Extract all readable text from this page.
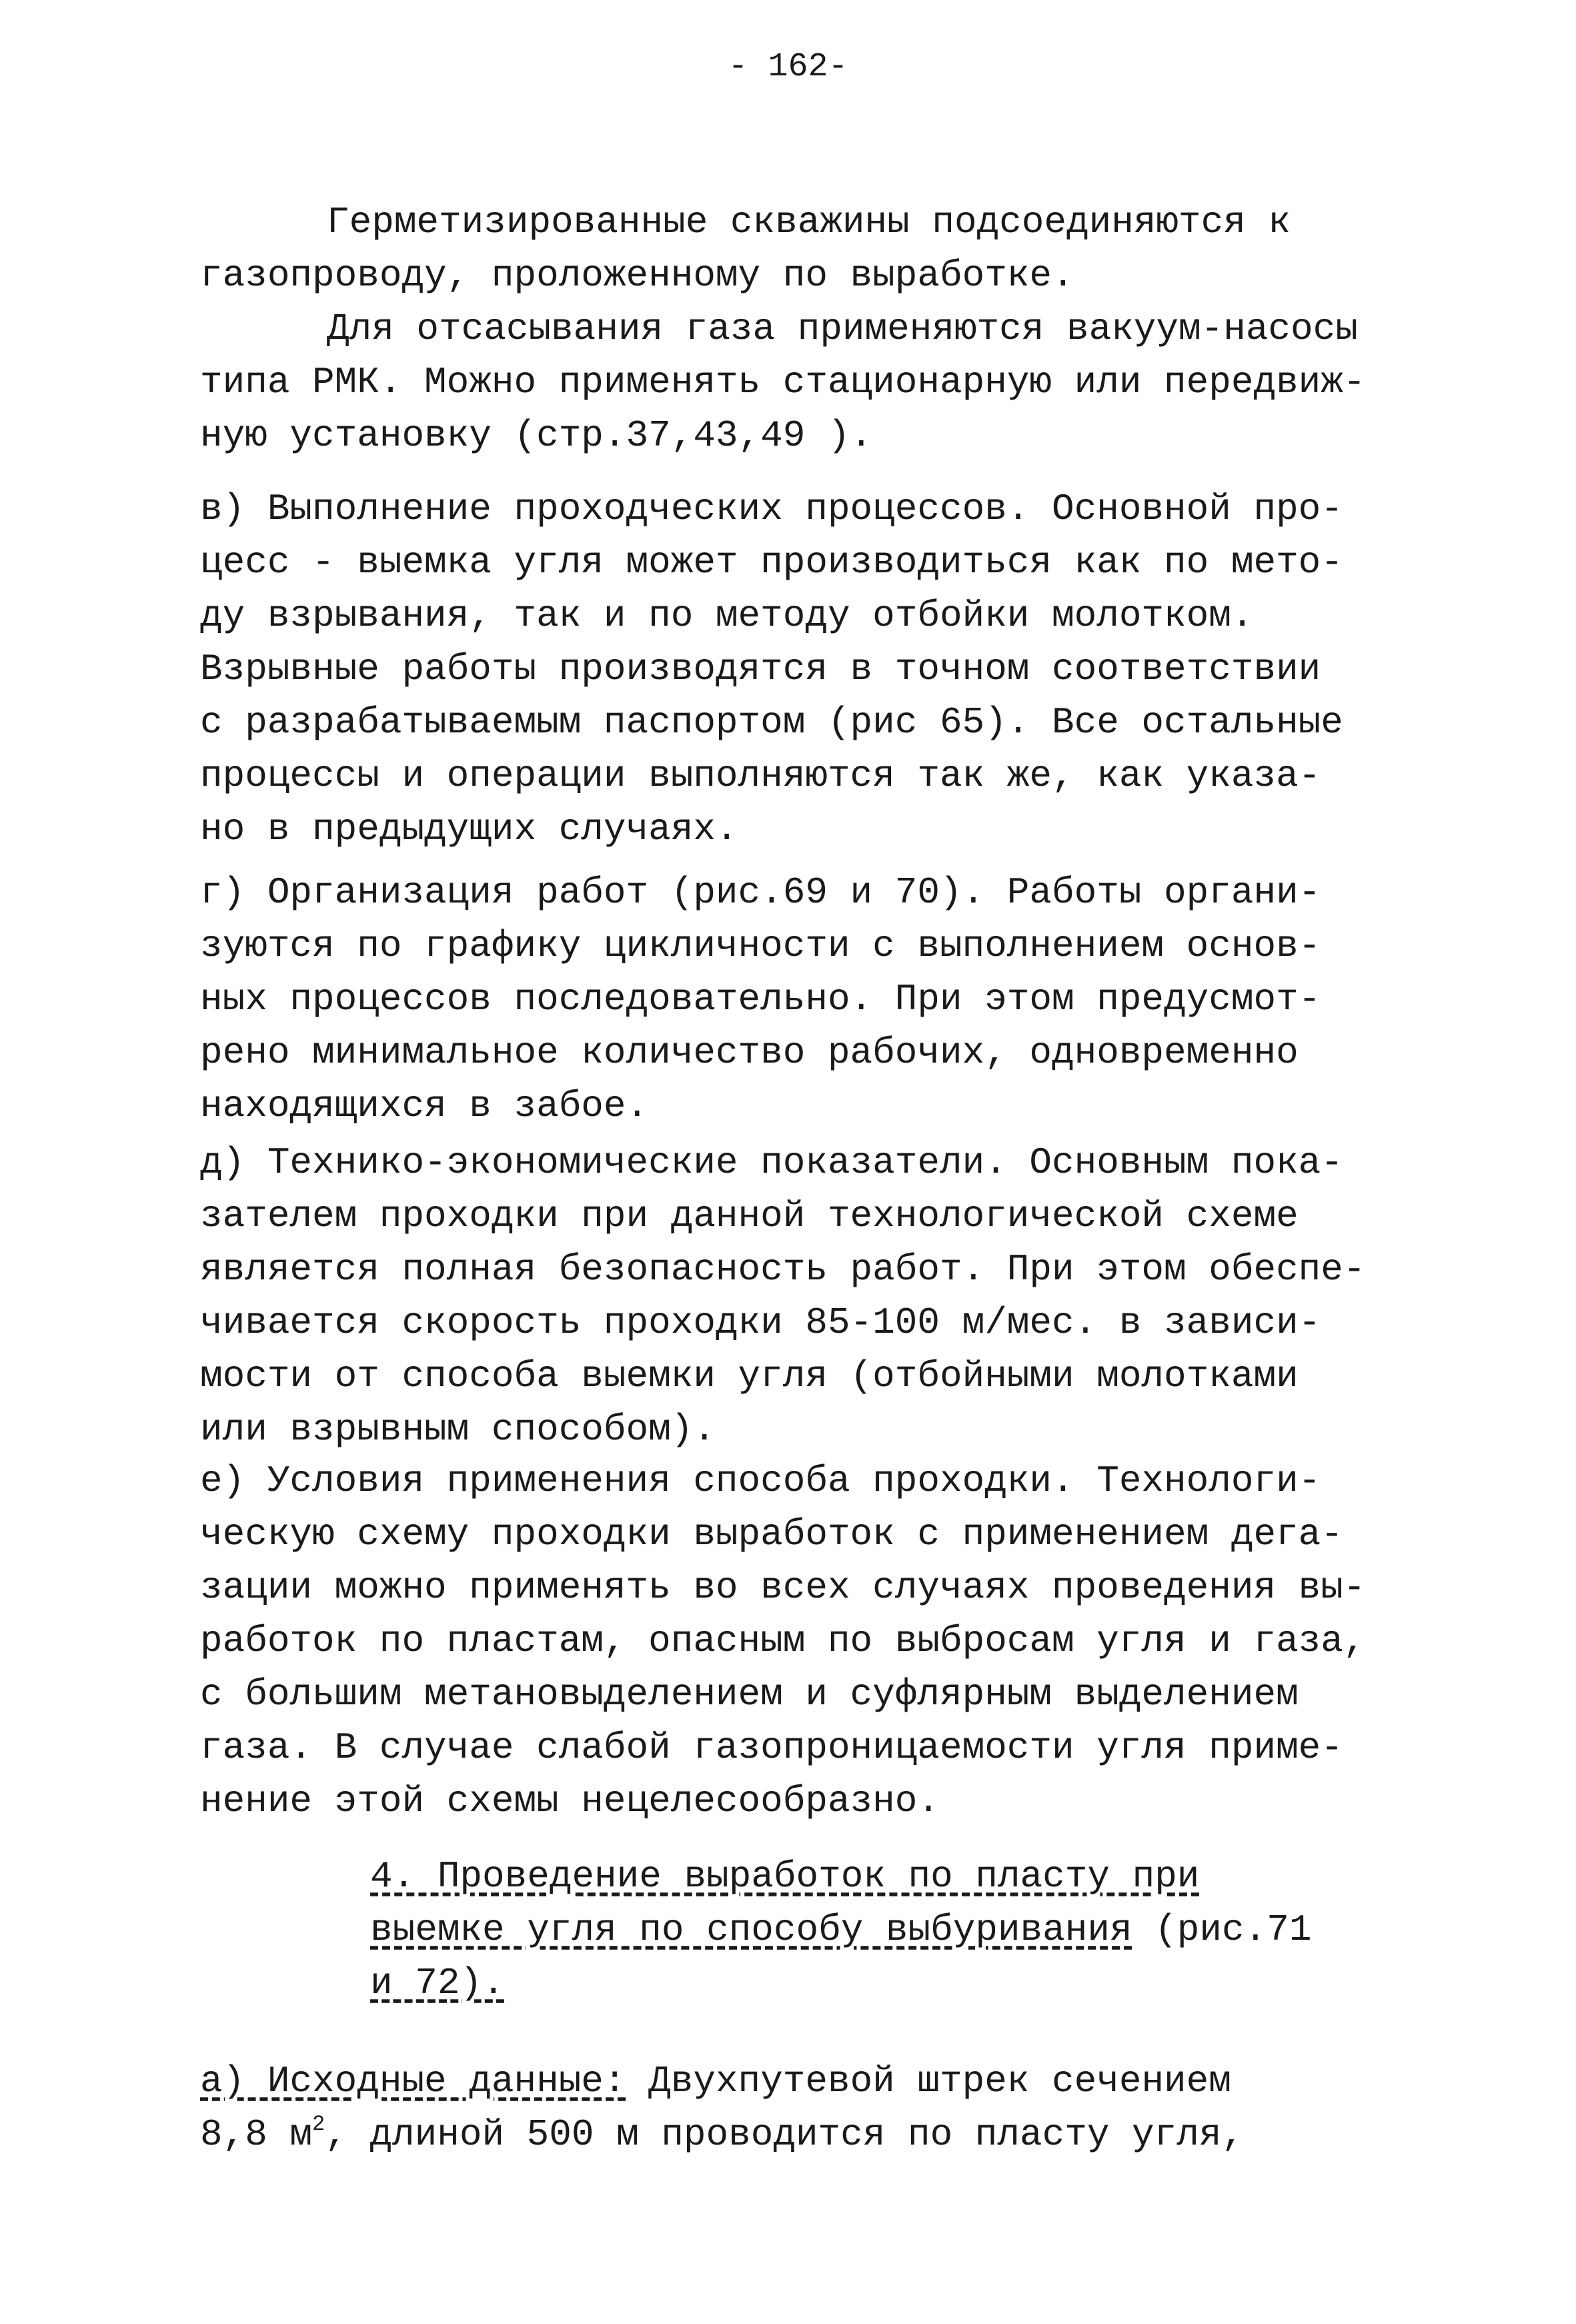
- 162-
Герметизированные скважины подсоединяются к
газопроводу, проложенному по выработке.
Для отсасывания газа применяются вакуум-насосы
типа РМК. Можно применять стационарную или передвиж-
ную установку (стр.37,43,49 ).
в) Выполнение проходческих процессов. Основной про-
цесс - выемка угля может производиться как по мето-
ду взрывания, так и по методу отбойки молотком.
Взрывные работы производятся в точном соответствии
с разрабатываемым паспортом (рис 65). Все остальные
процессы и операции выполняются так же, как указа-
но в предыдущих случаях.
г) Организация работ (рис.69 и 70). Работы органи-
зуются по графику цикличности с выполнением основ-
ных процессов последовательно. При этом предусмот-
рено минимальное количество рабочих, одновременно
находящихся в забое.
д) Технико-экономические показатели. Основным пока-
зателем проходки при данной технологической схеме
является полная безопасность работ. При этом обеспе-
чивается скорость проходки 85-100 м/мес. в зависи-
мости от способа выемки угля (отбойными молотками
или взрывным способом).
е) Условия применения способа проходки. Технологи-
ческую схему проходки выработок с применением дега-
зации можно применять во всех случаях проведения вы-
работок по пластам, опасным по выбросам угля и газа,
с большим метановыделением и суфлярным выделением
газа. В случае слабой газопроницаемости угля приме-
нение этой схемы нецелесообразно.
4. Проведение выработок по пласту при
выемке угля по способу выбуривания (рис.71
и 72).
а) Исходные данные: Двухпутевой штрек сечением
8,8 $м^2$, длиной 500 м проводится по пласту угля,
